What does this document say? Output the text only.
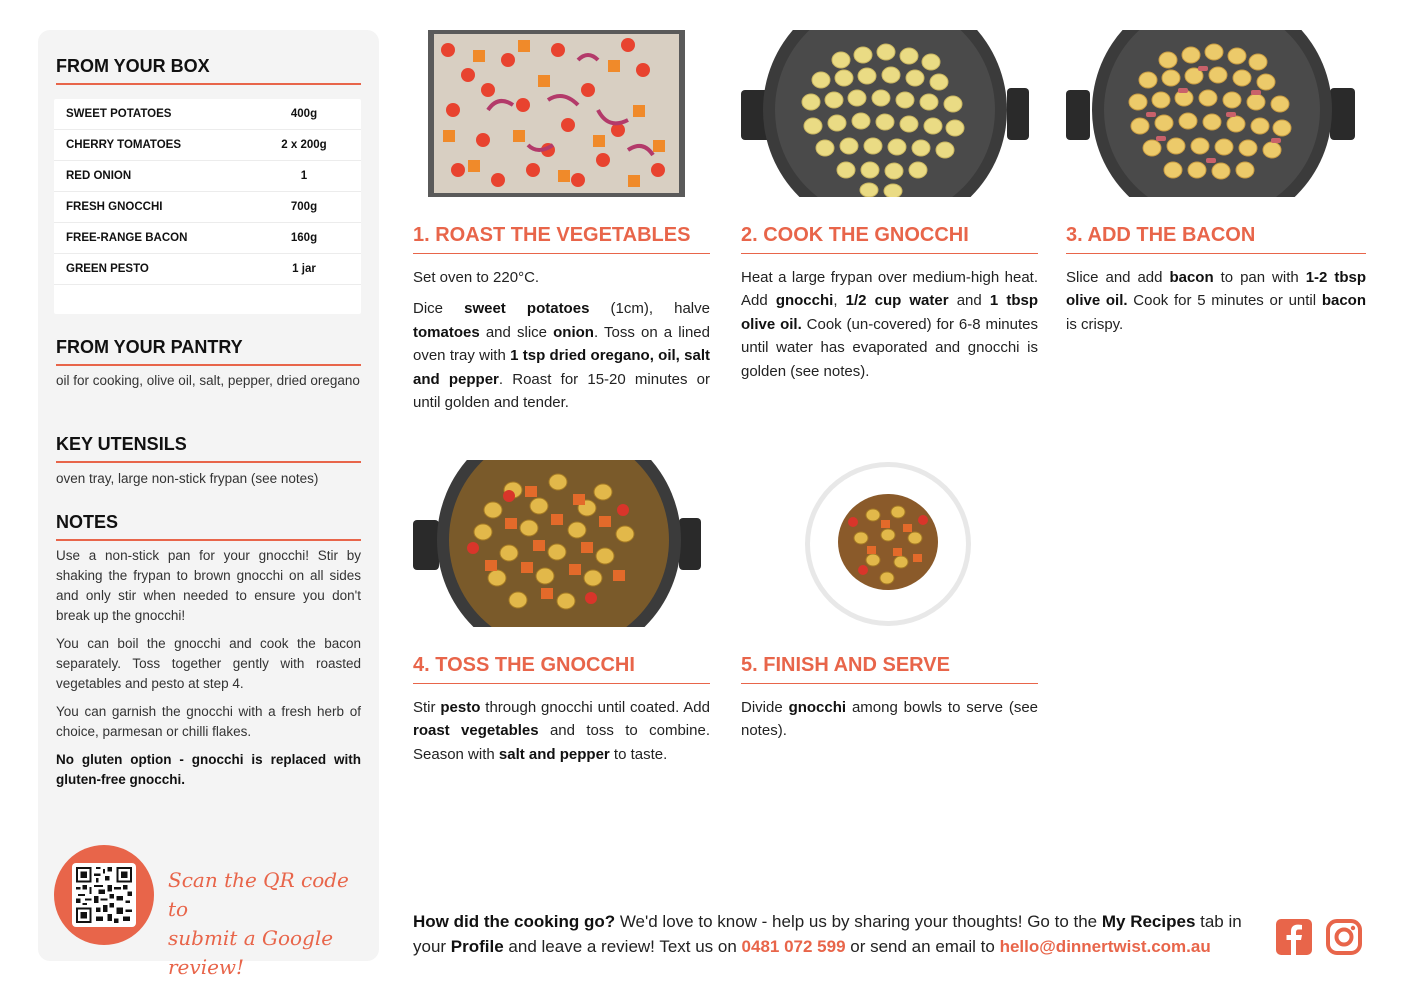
FROM YOUR BOX
SWEET POTATOES	400g
CHERRY TOMATOES	2 x 200g
RED ONION	1
FRESH GNOCCHI	700g
FREE-RANGE BACON	160g
GREEN PESTO	1 jar
FROM YOUR PANTRY
oil for cooking, olive oil, salt, pepper, dried oregano
KEY UTENSILS
oven tray, large non-stick frypan (see notes)
NOTES

Use a non-stick pan for your gnocchi! Stir by shaking the frypan to brown gnocchi on all sides and only stir when needed to ensure you don't break up the gnocchi!

You can boil the gnocchi and cook the bacon separately. Toss together gently with roasted vegetables and pesto at step 4.

You can garnish the gnocchi with a fresh herb of choice, parmesan or chilli flakes.

No gluten option - gnocchi is replaced with gluten-free gnocchi.

Scan the QR code to
submit a Google review!
1. ROAST THE VEGETABLES

Set oven to 220°C.

Dice sweet potatoes (1cm), halve tomatoes and slice onion. Toss on a lined oven tray with 1 tsp dried oregano, oil, salt and pepper. Roast for 15-20 minutes or until golden and tender.

2. COOK THE GNOCCHI

Heat a large frypan over medium-high heat. Add gnocchi, 1/2 cup water and 1 tbsp olive oil. Cook (un-covered) for 6-8 minutes until water has evaporated and gnocchi is golden (see notes).

3. ADD THE BACON

Slice and add bacon to pan with 1-2 tbsp olive oil. Cook for 5 minutes or until bacon is crispy.

4. TOSS THE GNOCCHI

Stir pesto through gnocchi until coated. Add roast vegetables and toss to combine. Season with salt and pepper to taste.

5. FINISH AND SERVE

Divide gnocchi among bowls to serve (see notes).

How did the cooking go? We'd love to know - help us by sharing your thoughts! Go to the My Recipes tab in your Profile and leave a review! Text us on 0481 072 599 or send an email to hello@dinnertwist.com.au
